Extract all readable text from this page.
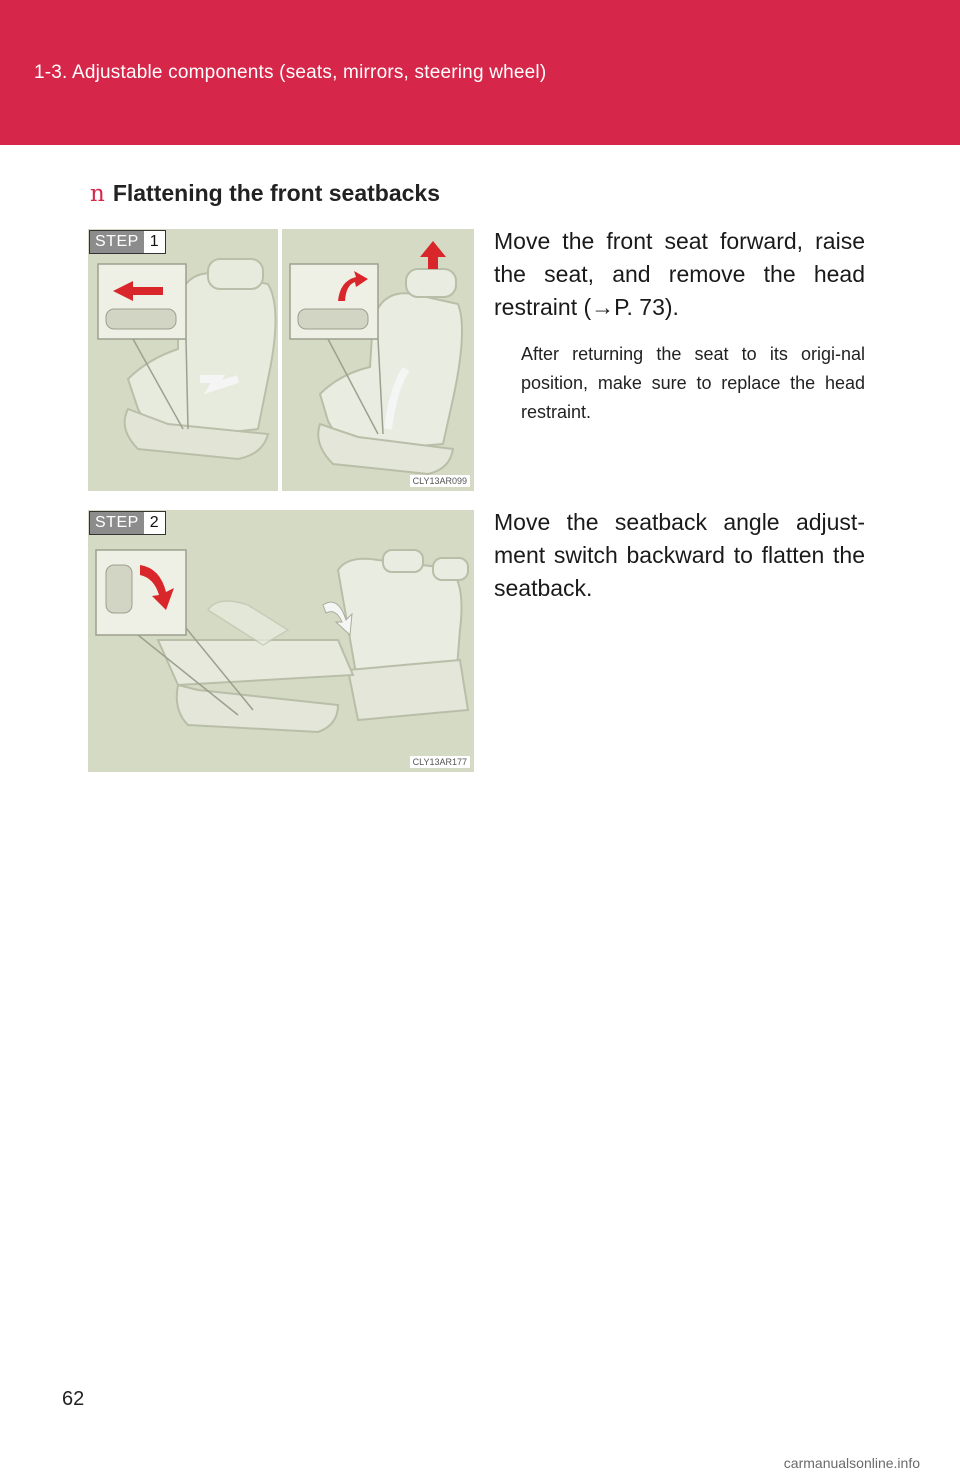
1-3. Adjustable components (seats, mirrors, steering wheel)
n Flattening the front seatbacks
CLY13AR099
STEP 1	Move the front seat forward, raise the seat, and remove the head restraint (→P. 73).
After returning the seat to its origi-nal position, make sure to replace the head restraint.
CLY13AR177
STEP 2	Move the seatback angle adjust-ment switch backward to flatten the seatback.
62
carmanualsonline.info
